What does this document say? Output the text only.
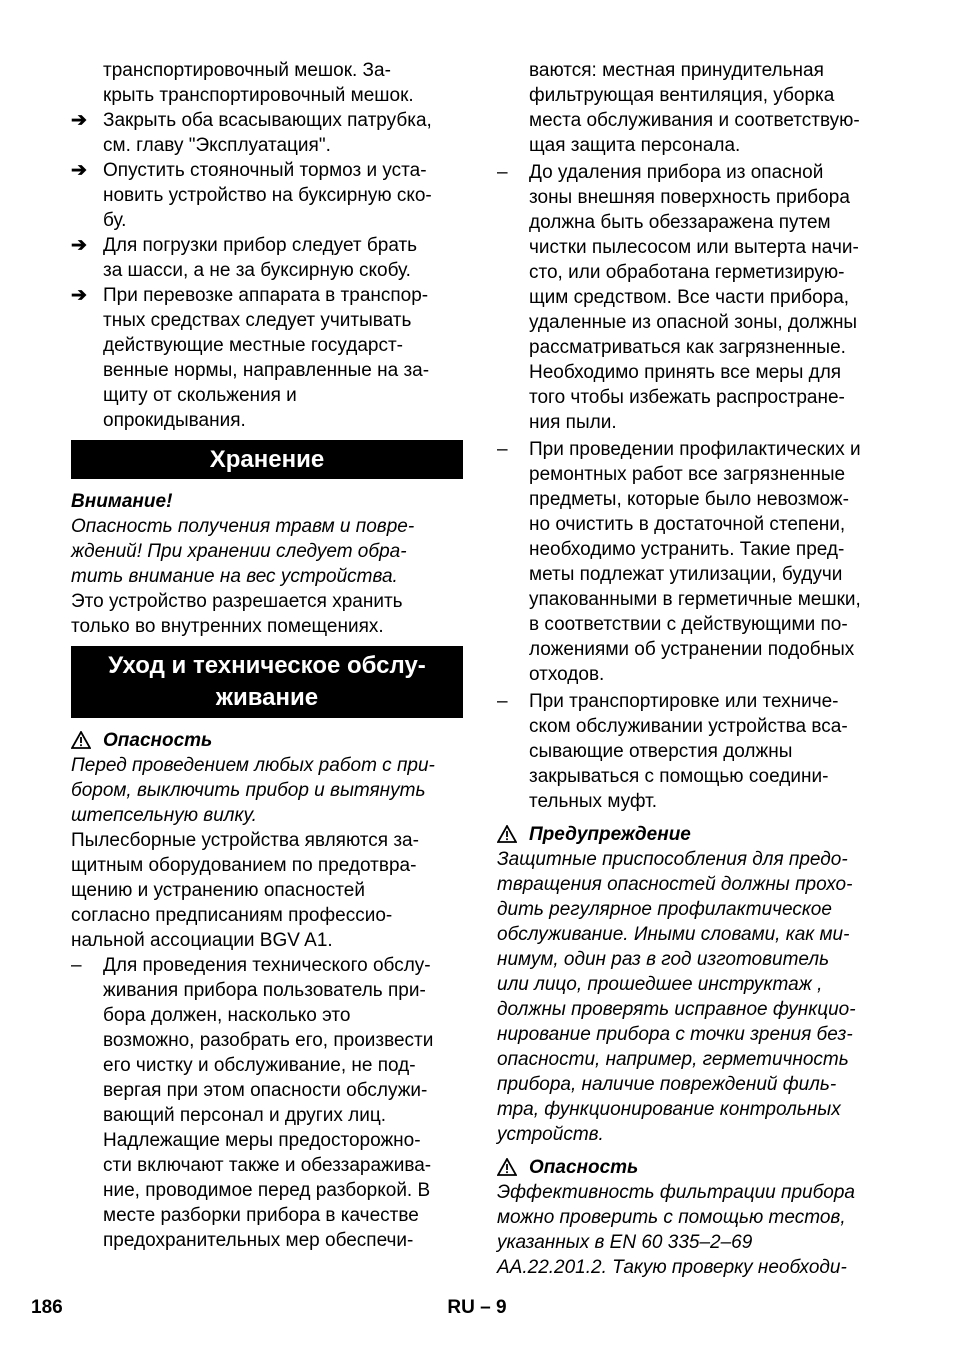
транспортировочный мешок. За-
крыть транспортировочный мешок.
➔ Закрыть оба всасывающих патрубка,
см. главу "Эксплуатация".
➔ Опустить стояночный тормоз и уста-
новить устройство на буксирную ско-
бу.
➔ Для погрузки прибор следует брать
за шасси, а не за буксирную скобу.
➔ При перевозке аппарата в транспор-
тных средствах следует учитывать
действующие местные государст-
венные нормы, направленные на за-
щиту от скольжения и
опрокидывания.
Хранение
Внимание!
Опасность получения травм и повре-
ждений! При хранении следует обра-
тить внимание на вес устройства.
Это устройство разрешается хранить
только во внутренних помещениях.
Уход и техническое обслу-
живание
Опасность
Перед проведением любых работ с при-
бором, выключить прибор и вытянуть
штепсельную вилку.
Пылесборные устройства являются за-
щитным оборудованием по предотвра-
щению и устранению опасностей
согласно предписаниям профессио-
нальной ассоциации BGV A1.
– Для проведения технического обслу-
живания прибора пользователь при-
бора должен, насколько это
возможно, разобрать его, произвести
его чистку и обслуживание, не под-
вергая при этом опасности обслужи-
вающий персонал и других лиц.
Надлежащие меры предосторожно-
сти включают также и обеззаражива-
ние, проводимое перед разборкой. В
месте разборки прибора в качестве
предохранительных мер обеспечи-
ваются: местная принудительная
фильтрующая вентиляция, уборка
места обслуживания и соответствую-
щая защита персонала.
– До удаления прибора из опасной
зоны внешняя поверхность прибора
должна быть обеззаражена путем
чистки пылесосом или вытерта начи-
сто, или обработана герметизирую-
щим средством. Все части прибора,
удаленные из опасной зоны, должны
рассматриваться как загрязненные.
Необходимо принять все меры для
того чтобы избежать распростране-
ния пыли.
– При проведении профилактических и
ремонтных работ все загрязненные
предметы, которые было невозмож-
но очистить в достаточной степени,
необходимо устранить. Такие пред-
меты подлежат утилизации, будучи
упакованными в герметичные мешки,
в соответствии с действующими по-
ложениями об устранении подобных
отходов.
– При транспортировке или техниче-
ском обслуживании устройства вса-
сывающие отверстия должны
закрываться с помощью соедини-
тельных муфт.
Предупреждение
Защитные приспособления для предо-
твращения опасностей должны прохо-
дить регулярное профилактическое
обслуживание. Иными словами, как ми-
нимум, один раз в год изготовитель
или лицо, прошедшее инструктаж ,
должны проверять исправное функцио-
нирование прибора с точки зрения без-
опасности, например, герметичность
прибора, наличие повреждений филь-
тра, функционирование контрольных
устройств.
Опасность
Эффективность фильтрации прибора
можно проверить с помощью тестов,
указанных в EN 60 335–2–69
AA.22.201.2. Такую проверку необходи-
186	RU – 9
